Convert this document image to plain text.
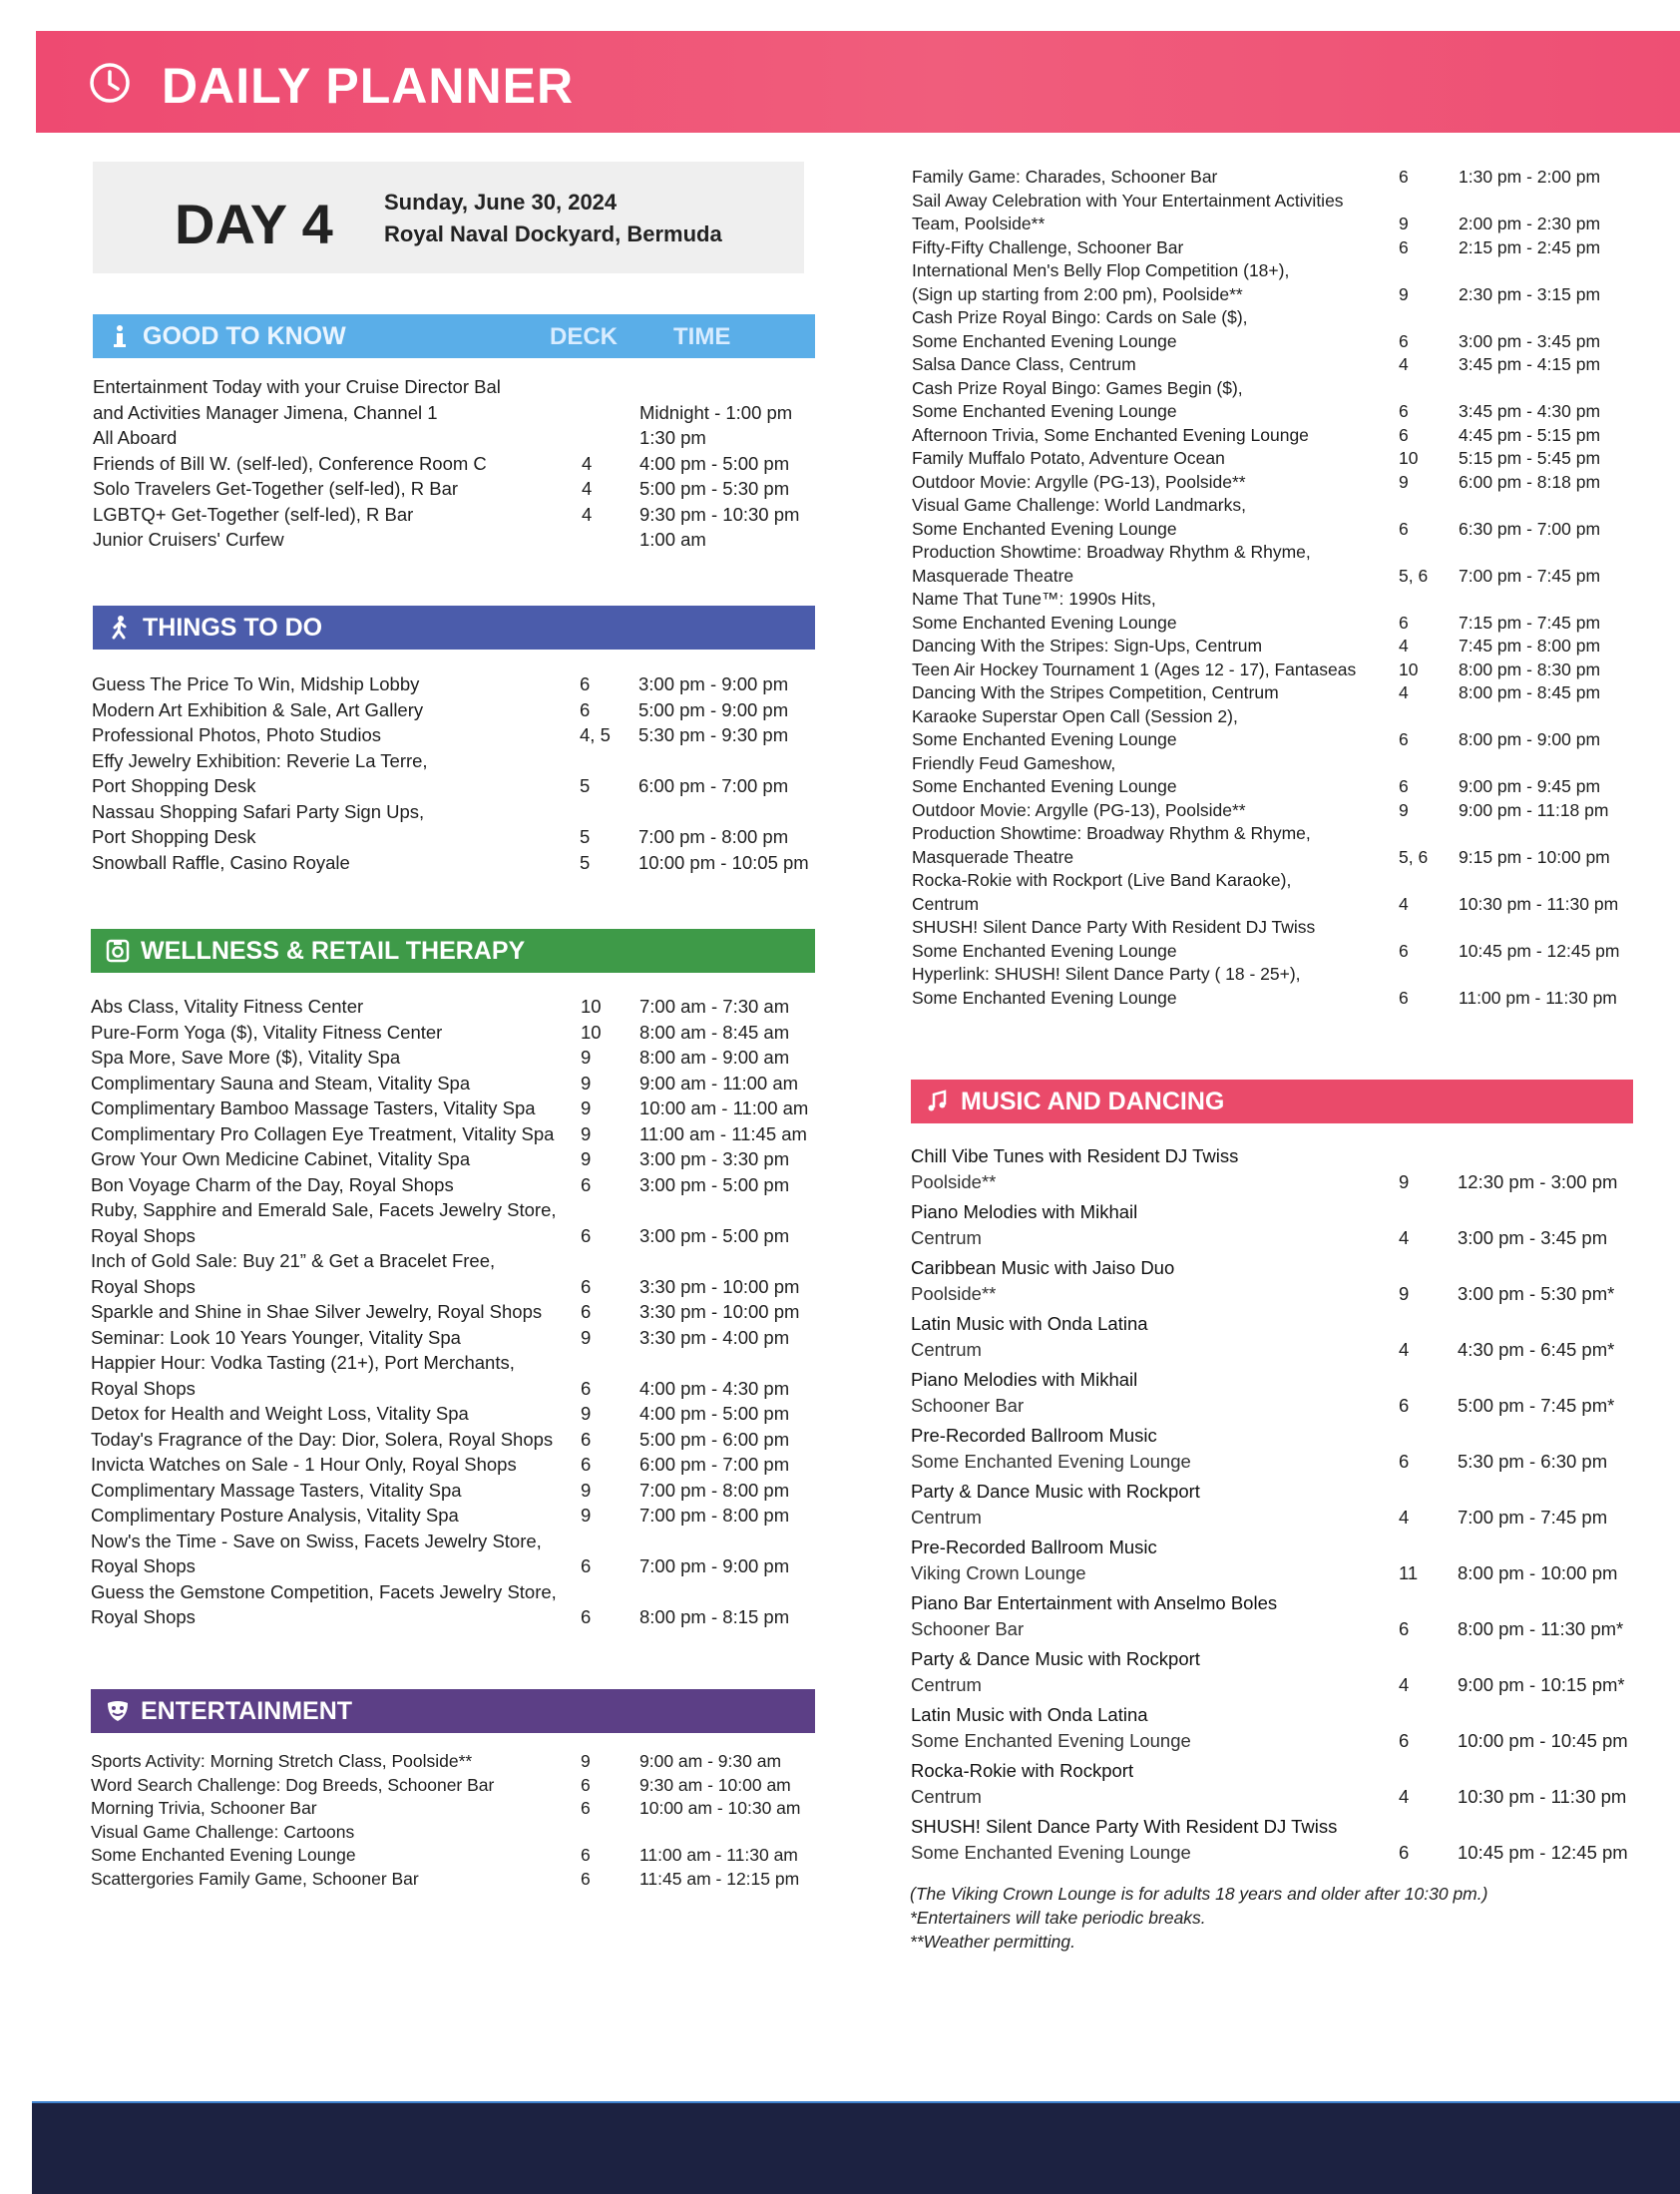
DAILY PLANNER
DAY 4 Sunday, June 30, 2024
Royal Naval Dockyard, Bermuda
GOOD TO KNOW	DECK TIME
Entertainment Today with your Cruise Director Bal
and Activities Manager Jimena, Channel 1	Midnight - 1:00 pm
All Aboard	1:30 pm
Friends of Bill W. (self-led), Conference Room C	4	4:00 pm - 5:00 pm
Solo Travelers Get-Together (self-led), R Bar	4	5:00 pm - 5:30 pm
LGBTQ+ Get-Together (self-led), R Bar	4	9:30 pm - 10:30 pm
Junior Cruisers' Curfew	1:00 am
THINGS TO DO
Guess The Price To Win, Midship Lobby	6	3:00 pm - 9:00 pm
Modern Art Exhibition & Sale, Art Gallery	6	5:00 pm - 9:00 pm
Professional Photos, Photo Studios	4, 5 5:30 pm - 9:30 pm
Effy Jewelry Exhibition: Reverie La Terre,
Port Shopping Desk	5	6:00 pm - 7:00 pm
Nassau Shopping Safari Party Sign Ups,
Port Shopping Desk	5	7:00 pm - 8:00 pm
Snowball Raffle, Casino Royale	5	10:00 pm - 10:05 pm
WELLNESS & RETAIL THERAPY
Abs Class, Vitality Fitness Center	10 7:00 am - 7:30 am
Pure-Form Yoga ($), Vitality Fitness Center	10 8:00 am - 8:45 am
Spa More, Save More ($), Vitality Spa	9	8:00 am - 9:00 am
Complimentary Sauna and Steam, Vitality Spa	9	9:00 am - 11:00 am
Complimentary Bamboo Massage Tasters, Vitality Spa	9	10:00 am - 11:00 am
Complimentary Pro Collagen Eye Treatment, Vitality Spa	9	11:00 am - 11:45 am
Grow Your Own Medicine Cabinet, Vitality Spa	9	3:00 pm - 3:30 pm
Bon Voyage Charm of the Day, Royal Shops	6	3:00 pm - 5:00 pm
Ruby, Sapphire and Emerald Sale, Facets Jewelry Store,
Royal Shops	6	3:00 pm - 5:00 pm
Inch of Gold Sale: Buy 21” & Get a Bracelet Free,
Royal Shops	6	3:30 pm - 10:00 pm
Sparkle and Shine in Shae Silver Jewelry, Royal Shops	6	3:30 pm - 10:00 pm
Seminar: Look 10 Years Younger, Vitality Spa	9	3:30 pm - 4:00 pm
Happier Hour: Vodka Tasting (21+), Port Merchants,
Royal Shops	6	4:00 pm - 4:30 pm
Detox for Health and Weight Loss, Vitality Spa	9	4:00 pm - 5:00 pm
Today's Fragrance of the Day: Dior, Solera, Royal Shops	6	5:00 pm - 6:00 pm
Invicta Watches on Sale - 1 Hour Only, Royal Shops	6	6:00 pm - 7:00 pm
Complimentary Massage Tasters, Vitality Spa	9	7:00 pm - 8:00 pm
Complimentary Posture Analysis, Vitality Spa	9	7:00 pm - 8:00 pm
Now's the Time - Save on Swiss, Facets Jewelry Store,
Royal Shops	6	7:00 pm - 9:00 pm
Guess the Gemstone Competition, Facets Jewelry Store,
Royal Shops	6	8:00 pm - 8:15 pm
ENTERTAINMENT
Sports Activity: Morning Stretch Class, Poolside**	9	9:00 am - 9:30 am
Word Search Challenge: Dog Breeds, Schooner Bar	6	9:30 am - 10:00 am
Morning Trivia, Schooner Bar	6	10:00 am - 10:30 am
Visual Game Challenge: Cartoons
Some Enchanted Evening Lounge	6	11:00 am - 11:30 am
Scattergories Family Game, Schooner Bar	6	11:45 am - 12:15 pm
Family Game: Charades, Schooner Bar	6	1:30 pm - 2:00 pm
Sail Away Celebration with Your Entertainment Activities
Team, Poolside**	9	2:00 pm - 2:30 pm
Fifty-Fifty Challenge, Schooner Bar	6	2:15 pm - 2:45 pm
International Men's Belly Flop Competition (18+),
(Sign up starting from 2:00 pm), Poolside**	9	2:30 pm - 3:15 pm
Cash Prize Royal Bingo: Cards on Sale ($),
Some Enchanted Evening Lounge	6	3:00 pm - 3:45 pm
Salsa Dance Class, Centrum	4	3:45 pm - 4:15 pm
Cash Prize Royal Bingo: Games Begin ($),
Some Enchanted Evening Lounge	6	3:45 pm - 4:30 pm
Afternoon Trivia, Some Enchanted Evening Lounge	6	4:45 pm - 5:15 pm
Family Muffalo Potato, Adventure Ocean	10 5:15 pm - 5:45 pm
Outdoor Movie: Argylle (PG-13), Poolside**	9	6:00 pm - 8:18 pm
Visual Game Challenge: World Landmarks,
Some Enchanted Evening Lounge	6	6:30 pm - 7:00 pm
Production Showtime: Broadway Rhythm & Rhyme,
Masquerade Theatre	5, 6 7:00 pm - 7:45 pm
Name That Tune™: 1990s Hits,
Some Enchanted Evening Lounge	6	7:15 pm - 7:45 pm
Dancing With the Stripes: Sign-Ups, Centrum	4	7:45 pm - 8:00 pm
Teen Air Hockey Tournament 1 (Ages 12 - 17), Fantaseas	10 8:00 pm - 8:30 pm
Dancing With the Stripes Competition, Centrum	4	8:00 pm - 8:45 pm
Karaoke Superstar Open Call (Session 2),
Some Enchanted Evening Lounge	6	8:00 pm - 9:00 pm
Friendly Feud Gameshow,
Some Enchanted Evening Lounge	6	9:00 pm - 9:45 pm
Outdoor Movie: Argylle (PG-13), Poolside**	9	9:00 pm - 11:18 pm
Production Showtime: Broadway Rhythm & Rhyme,
Masquerade Theatre	5, 6 9:15 pm - 10:00 pm
Rocka-Rokie with Rockport (Live Band Karaoke),
Centrum	4	10:30 pm - 11:30 pm
SHUSH! Silent Dance Party With Resident DJ Twiss
Some Enchanted Evening Lounge	6	10:45 pm - 12:45 pm
Hyperlink: SHUSH! Silent Dance Party ( 18 - 25+),
Some Enchanted Evening Lounge	6	11:00 pm - 11:30 pm
MUSIC AND DANCING
Chill Vibe Tunes with Resident DJ Twiss
Poolside**	9	12:30 pm - 3:00 pm
Piano Melodies with Mikhail
Centrum	4	3:00 pm - 3:45 pm
Caribbean Music with Jaiso Duo
Poolside**	9	3:00 pm - 5:30 pm*
Latin Music with Onda Latina
Centrum	4	4:30 pm - 6:45 pm*
Piano Melodies with Mikhail
Schooner Bar	6	5:00 pm - 7:45 pm*
Pre-Recorded Ballroom Music
Some Enchanted Evening Lounge	6	5:30 pm - 6:30 pm
Party & Dance Music with Rockport
Centrum	4	7:00 pm - 7:45 pm
Pre-Recorded Ballroom Music
Viking Crown Lounge	11 8:00 pm - 10:00 pm
Piano Bar Entertainment with Anselmo Boles
Schooner Bar	6	8:00 pm - 11:30 pm*
Party & Dance Music with Rockport
Centrum	4	9:00 pm - 10:15 pm*
Latin Music with Onda Latina
Some Enchanted Evening Lounge	6	10:00 pm - 10:45 pm
Rocka-Rokie with Rockport
Centrum	4	10:30 pm - 11:30 pm
SHUSH! Silent Dance Party With Resident DJ Twiss
Some Enchanted Evening Lounge	6	10:45 pm - 12:45 pm
(The Viking Crown Lounge is for adults 18 years and older after 10:30 pm.)
*Entertainers will take periodic breaks.
**Weather permitting.
